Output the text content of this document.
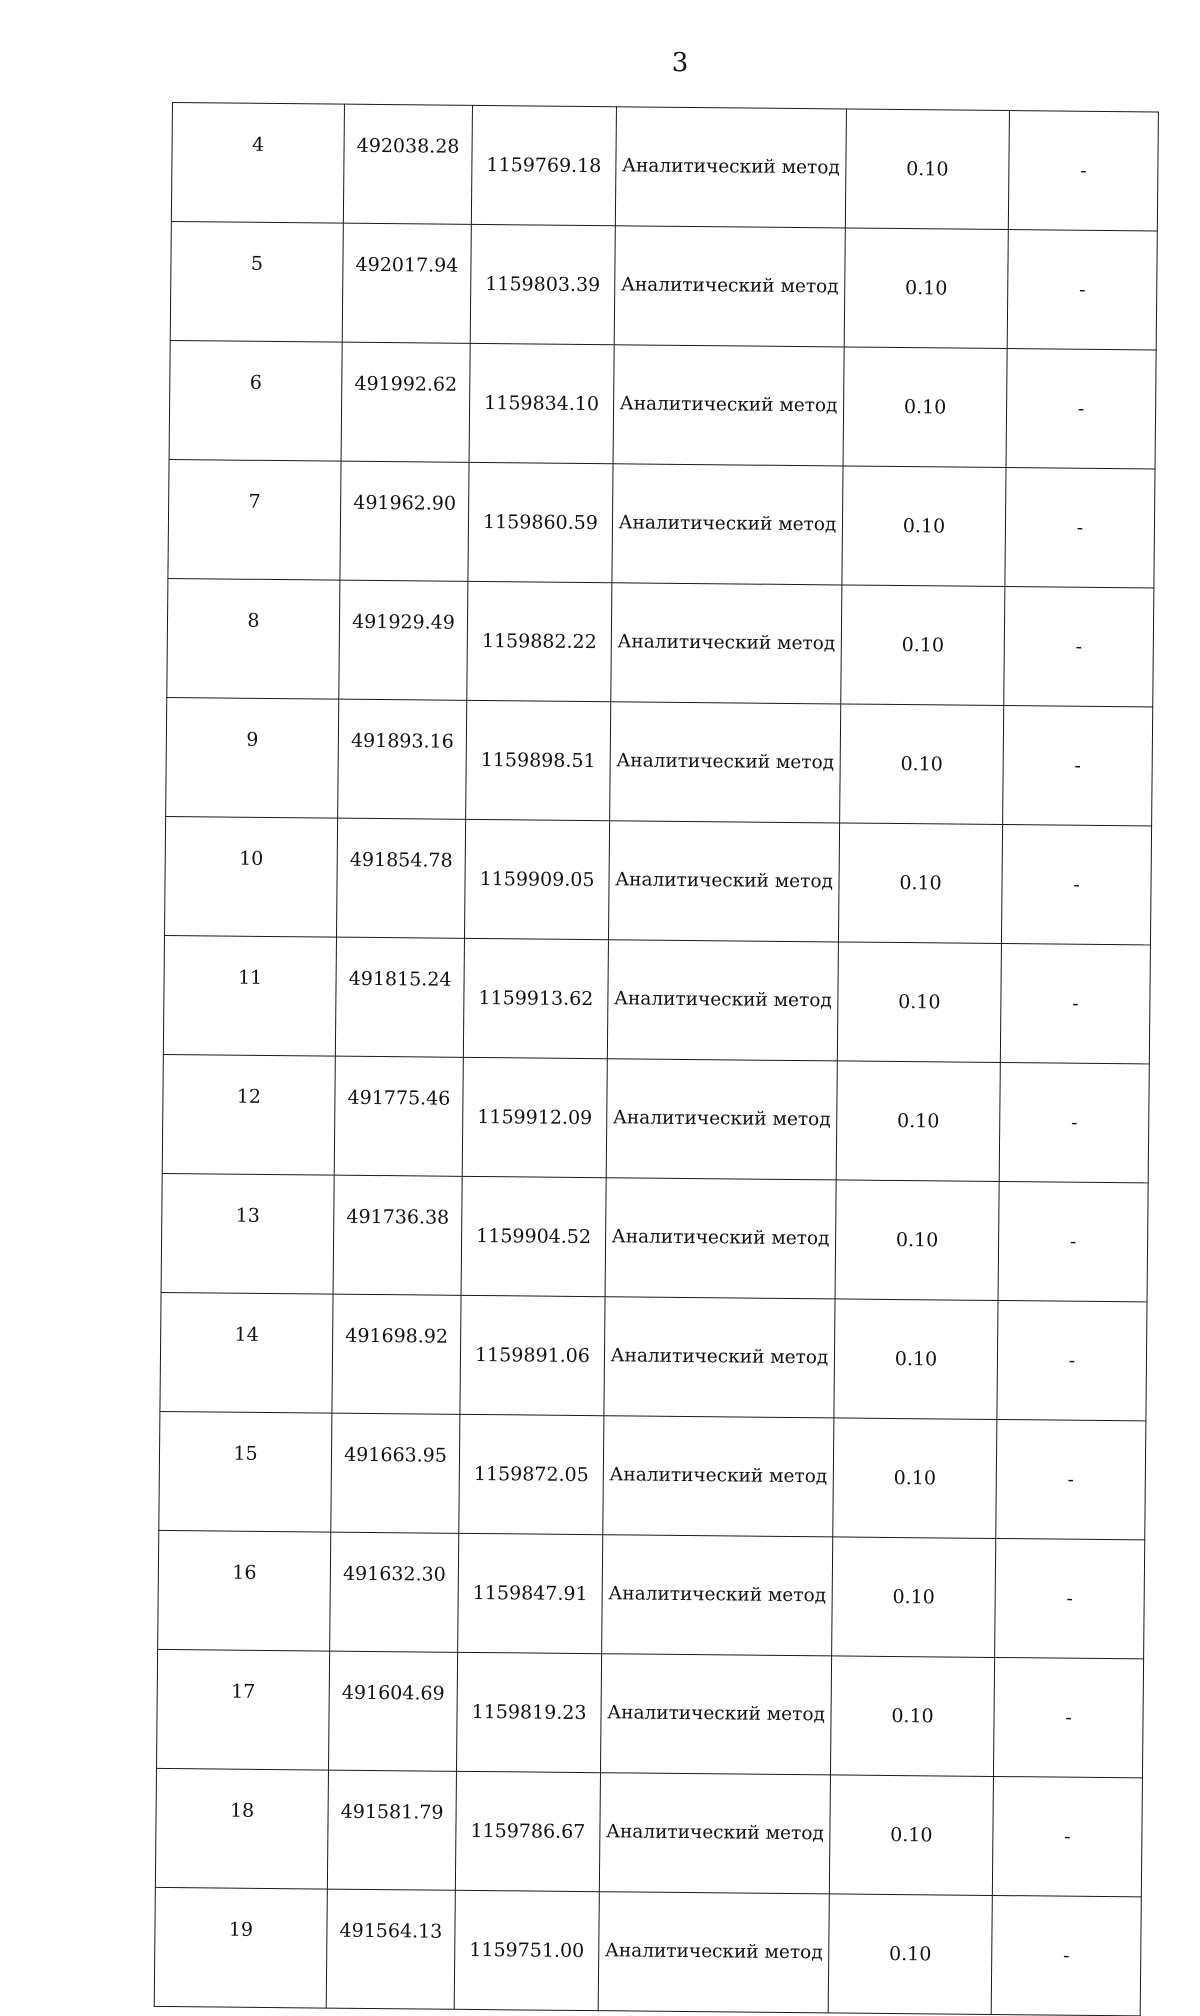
3
4	492038.28	1159769.18	Аналитический метод	0.10	-
5	492017.94	1159803.39	Аналитический метод	0.10	-
6	491992.62	1159834.10	Аналитический метод	0.10	-
7	491962.90	1159860.59	Аналитический метод	0.10	-
8	491929.49	1159882.22	Аналитический метод	0.10	-
9	491893.16	1159898.51	Аналитический метод	0.10	-
10	491854.78	1159909.05	Аналитический метод	0.10	-
11	491815.24	1159913.62	Аналитический метод	0.10	-
12	491775.46	1159912.09	Аналитический метод	0.10	-
13	491736.38	1159904.52	Аналитический метод	0.10	-
14	491698.92	1159891.06	Аналитический метод	0.10	-
15	491663.95	1159872.05	Аналитический метод	0.10	-
16	491632.30	1159847.91	Аналитический метод	0.10	-
17	491604.69	1159819.23	Аналитический метод	0.10	-
18	491581.79	1159786.67	Аналитический метод	0.10	-
19	491564.13	1159751.00	Аналитический метод	0.10	-
